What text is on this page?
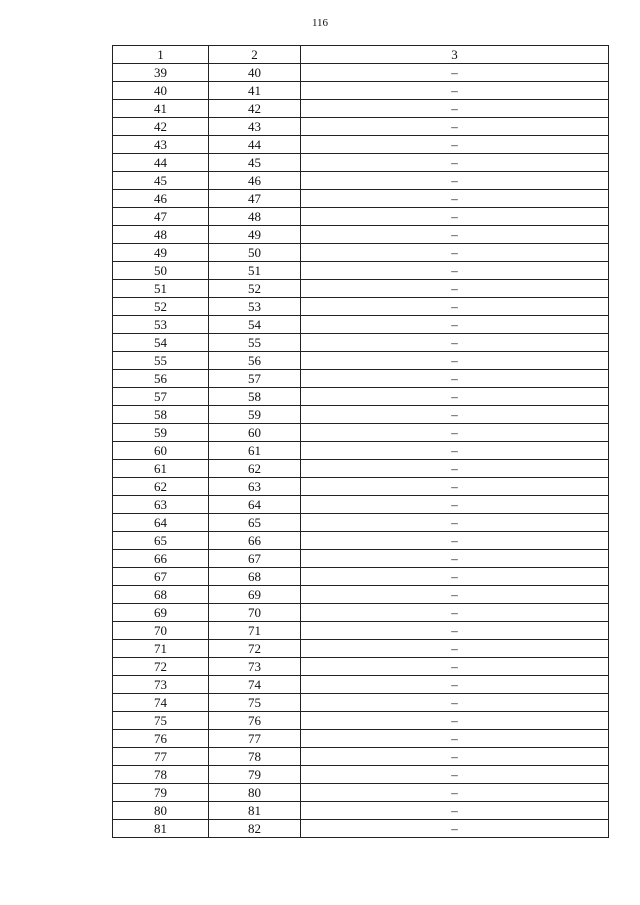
116
1	2	3
39	40	–
40	41	–
41	42	–
42	43	–
43	44	–
44	45	–
45	46	–
46	47	–
47	48	–
48	49	–
49	50	–
50	51	–
51	52	–
52	53	–
53	54	–
54	55	–
55	56	–
56	57	–
57	58	–
58	59	–
59	60	–
60	61	–
61	62	–
62	63	–
63	64	–
64	65	–
65	66	–
66	67	–
67	68	–
68	69	–
69	70	–
70	71	–
71	72	–
72	73	–
73	74	–
74	75	–
75	76	–
76	77	–
77	78	–
78	79	–
79	80	–
80	81	–
81	82	–
